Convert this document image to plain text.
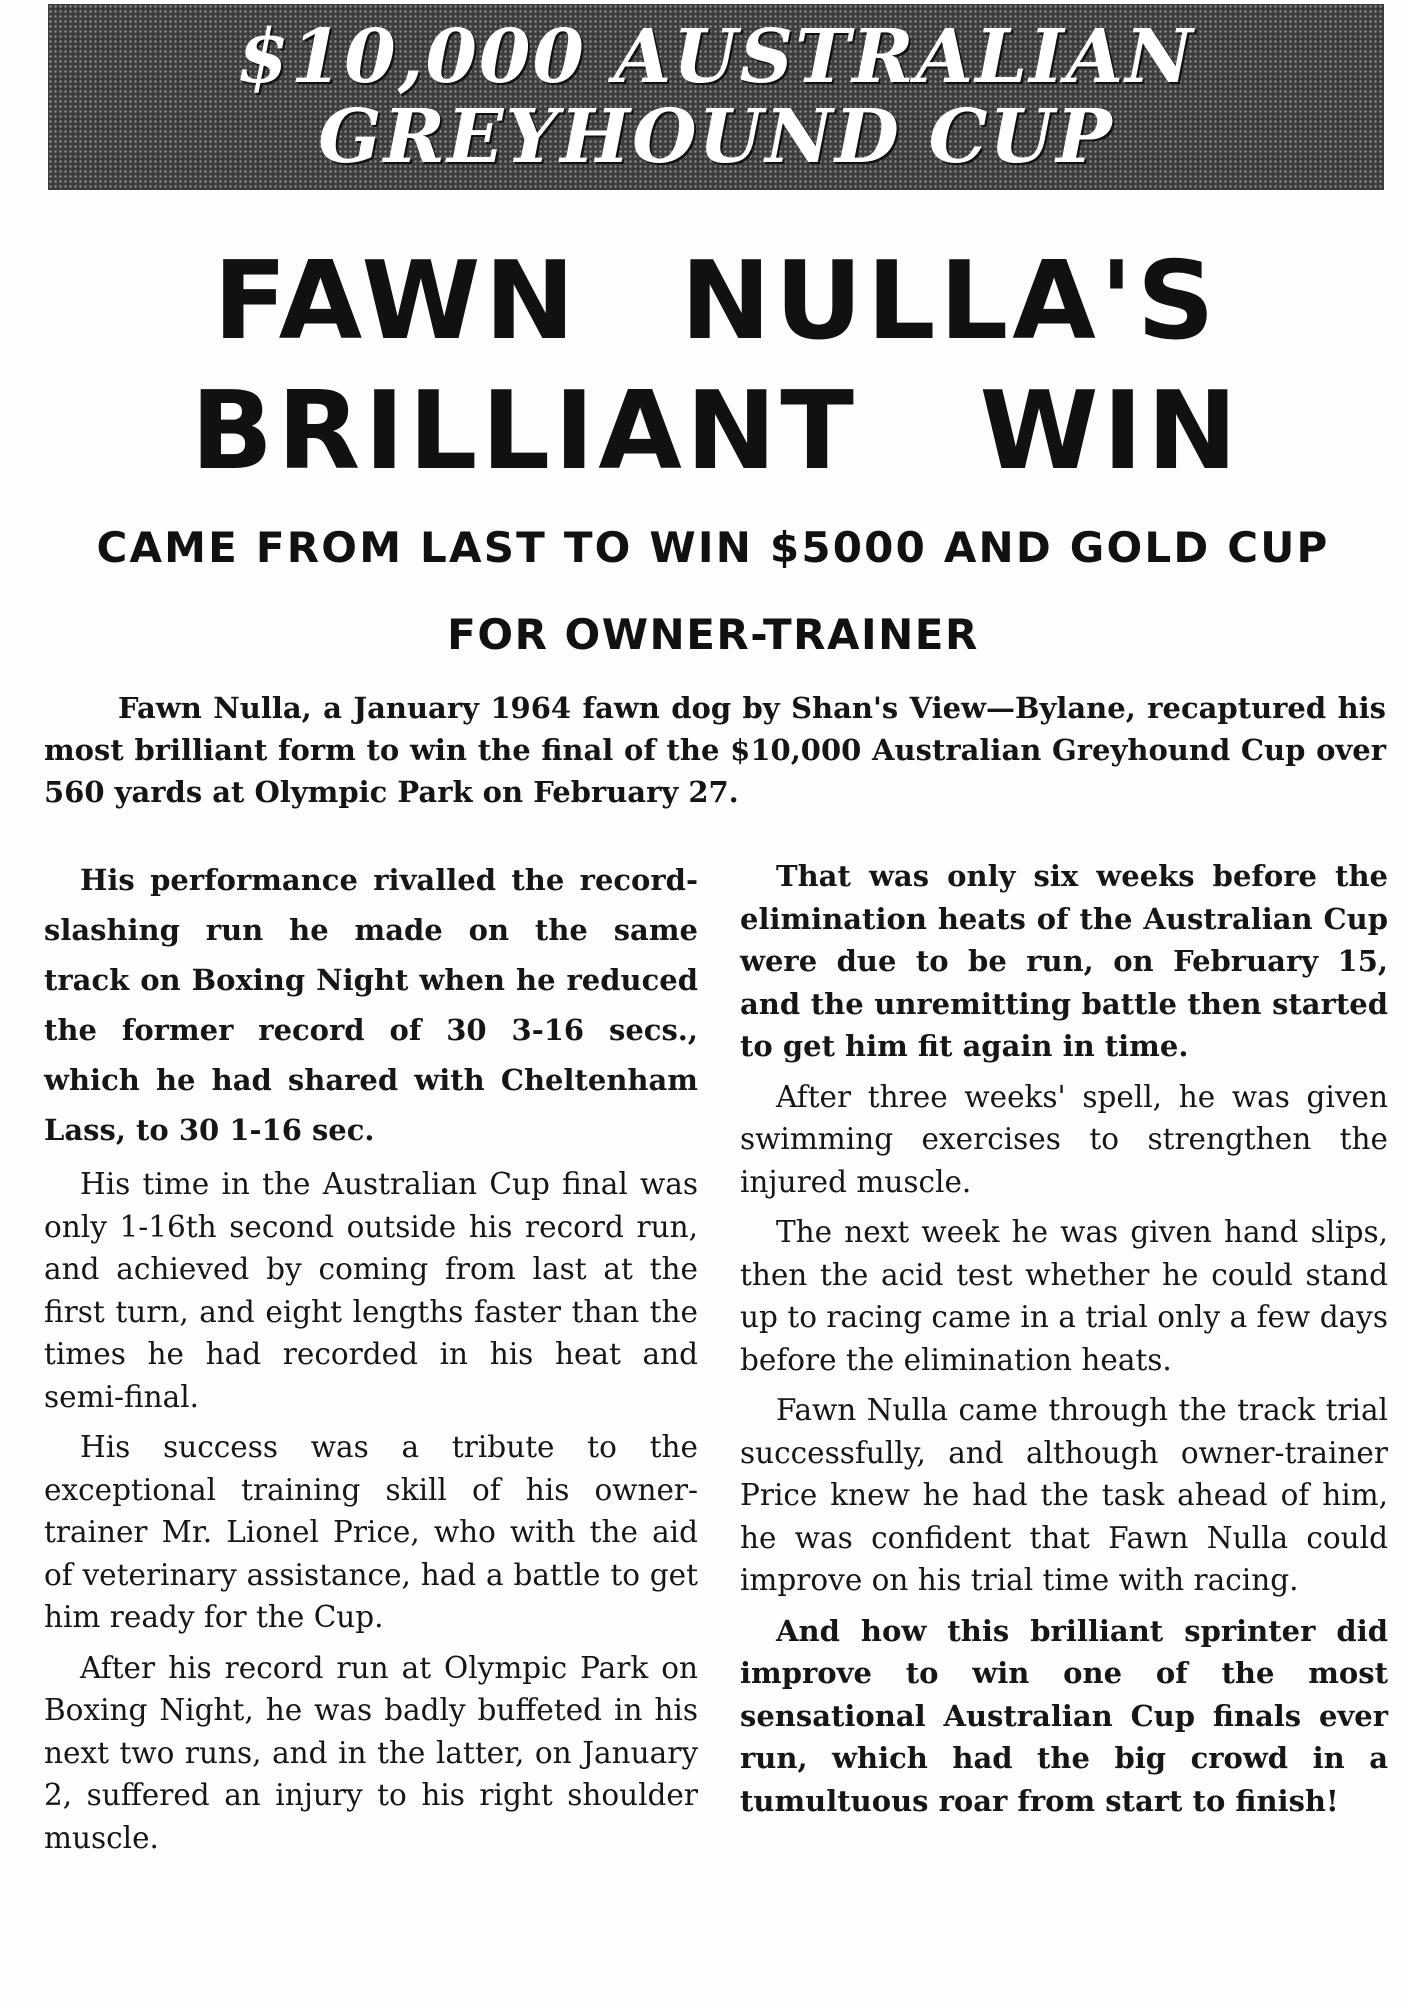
$10,000 AUSTRALIAN
GREYHOUND CUP
FAWN NULLA'S
BRILLIANT WIN
CAME FROM LAST TO WIN $5000 AND GOLD CUP
FOR OWNER-TRAINER

Fawn Nulla, a January 1964 fawn dog by Shan's View—Bylane, recaptured his most brilliant form to win the final of the $10,000 Australian Greyhound Cup over 560 yards at Olympic Park on February 27.

His performance rivalled the record-slashing run he made on the same track on Boxing Night when he reduced the former record of 30 3-16 secs., which he had shared with Cheltenham Lass, to 30 1-16 sec.

His time in the Australian Cup final was only 1-16th second outside his record run, and achieved by coming from last at the first turn, and eight lengths faster than the times he had recorded in his heat and semi-final.

His success was a tribute to the exceptional training skill of his owner-trainer Mr. Lionel Price, who with the aid of veterinary assistance, had a battle to get him ready for the Cup.

After his record run at Olympic Park on Boxing Night, he was badly buffeted in his next two runs, and in the latter, on January 2, suffered an injury to his right shoulder muscle.

That was only six weeks before the elimination heats of the Australian Cup were due to be run, on February 15, and the unremitting battle then started to get him fit again in time.

After three weeks' spell, he was given swimming exercises to strengthen the injured muscle.

The next week he was given hand slips, then the acid test whether he could stand up to racing came in a trial only a few days before the elimination heats.

Fawn Nulla came through the track trial successfully, and although owner-trainer Price knew he had the task ahead of him, he was confident that Fawn Nulla could improve on his trial time with racing.

And how this brilliant sprinter did improve to win one of the most sensational Australian Cup finals ever run, which had the big crowd in a tumultuous roar from start to finish!
